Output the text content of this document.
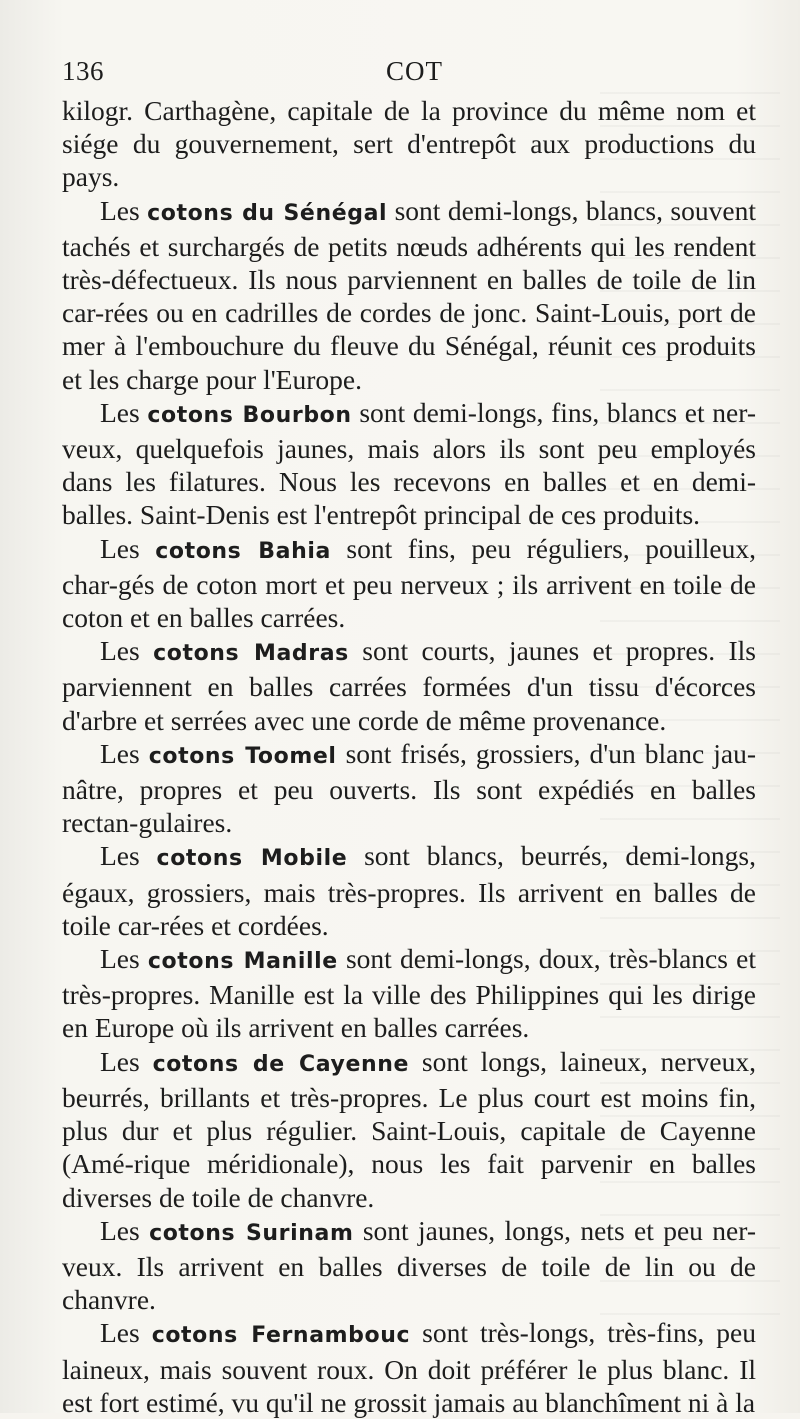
136	COT

kilogr. Carthagène, capitale de la province du même nom et siége du gouvernement, sert d'entrepôt aux productions du pays.

Les cotons du Sénégal sont demi-longs, blancs, souvent tachés et surchargés de petits nœuds adhérents qui les rendent très-défectueux. Ils nous parviennent en balles de toile de lin car-rées ou en cadrilles de cordes de jonc. Saint-Louis, port de mer à l'embouchure du fleuve du Sénégal, réunit ces produits et les charge pour l'Europe.

Les cotons Bourbon sont demi-longs, fins, blancs et ner-veux, quelquefois jaunes, mais alors ils sont peu employés dans les filatures. Nous les recevons en balles et en demi-balles. Saint-Denis est l'entrepôt principal de ces produits.

Les cotons Bahia sont fins, peu réguliers, pouilleux, char-gés de coton mort et peu nerveux ; ils arrivent en toile de coton et en balles carrées.

Les cotons Madras sont courts, jaunes et propres. Ils parviennent en balles carrées formées d'un tissu d'écorces d'arbre et serrées avec une corde de même provenance.

Les cotons Toomel sont frisés, grossiers, d'un blanc jau-nâtre, propres et peu ouverts. Ils sont expédiés en balles rectan-gulaires.

Les cotons Mobile sont blancs, beurrés, demi-longs, égaux, grossiers, mais très-propres. Ils arrivent en balles de toile car-rées et cordées.

Les cotons Manille sont demi-longs, doux, très-blancs et très-propres. Manille est la ville des Philippines qui les dirige en Europe où ils arrivent en balles carrées.

Les cotons de Cayenne sont longs, laineux, nerveux, beurrés, brillants et très-propres. Le plus court est moins fin, plus dur et plus régulier. Saint-Louis, capitale de Cayenne (Amé-rique méridionale), nous les fait parvenir en balles diverses de toile de chanvre.

Les cotons Surinam sont jaunes, longs, nets et peu ner-veux. Ils arrivent en balles diverses de toile de lin ou de chanvre.

Les cotons Fernambouc sont très-longs, très-fins, peu laineux, mais souvent roux. On doit préférer le plus blanc. Il est fort estimé, vu qu'il ne grossit jamais au blanchîment ni à la
